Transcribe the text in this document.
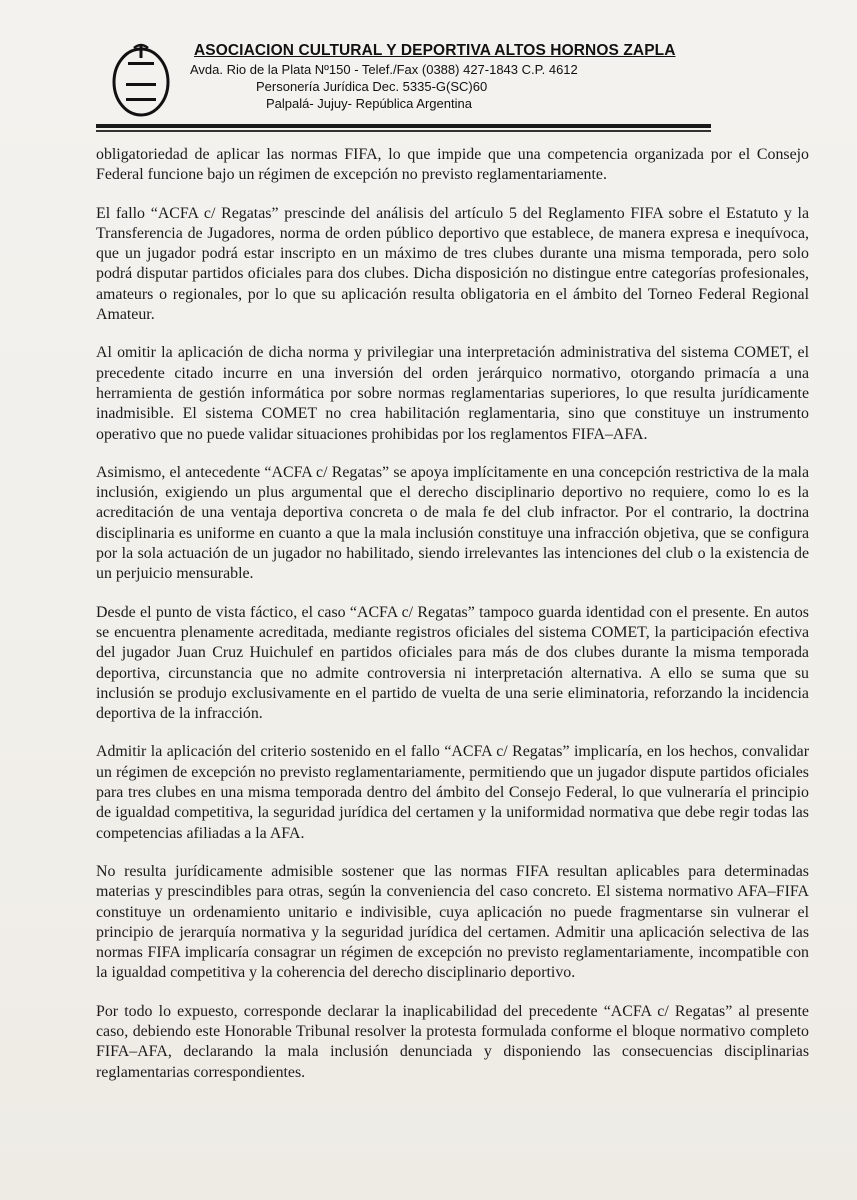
ASOCIACION CULTURAL Y DEPORTIVA ALTOS HORNOS ZAPLA
Avda. Rio de la Plata Nº150 - Telef./Fax (0388) 427-1843 C.P. 4612
Personería Jurídica Dec. 5335-G(SC)60
Palpalá- Jujuy- República Argentina

obligatoriedad de aplicar las normas FIFA, lo que impide que una competencia organizada por el Consejo Federal funcione bajo un régimen de excepción no previsto reglamentariamente.

El fallo “ACFA c/ Regatas” prescinde del análisis del artículo 5 del Reglamento FIFA sobre el Estatuto y la Transferencia de Jugadores, norma de orden público deportivo que establece, de manera expresa e inequívoca, que un jugador podrá estar inscripto en un máximo de tres clubes durante una misma temporada, pero solo podrá disputar partidos oficiales para dos clubes. Dicha disposición no distingue entre categorías profesionales, amateurs o regionales, por lo que su aplicación resulta obligatoria en el ámbito del Torneo Federal Regional Amateur.

Al omitir la aplicación de dicha norma y privilegiar una interpretación administrativa del sistema COMET, el precedente citado incurre en una inversión del orden jerárquico normativo, otorgando primacía a una herramienta de gestión informática por sobre normas reglamentarias superiores, lo que resulta jurídicamente inadmisible. El sistema COMET no crea habilitación reglamentaria, sino que constituye un instrumento operativo que no puede validar situaciones prohibidas por los reglamentos FIFA–AFA.

Asimismo, el antecedente “ACFA c/ Regatas” se apoya implícitamente en una concepción restrictiva de la mala inclusión, exigiendo un plus argumental que el derecho disciplinario deportivo no requiere, como lo es la acreditación de una ventaja deportiva concreta o de mala fe del club infractor. Por el contrario, la doctrina disciplinaria es uniforme en cuanto a que la mala inclusión constituye una infracción objetiva, que se configura por la sola actuación de un jugador no habilitado, siendo irrelevantes las intenciones del club o la existencia de un perjuicio mensurable.

Desde el punto de vista fáctico, el caso “ACFA c/ Regatas” tampoco guarda identidad con el presente. En autos se encuentra plenamente acreditada, mediante registros oficiales del sistema COMET, la participación efectiva del jugador Juan Cruz Huichulef en partidos oficiales para más de dos clubes durante la misma temporada deportiva, circunstancia que no admite controversia ni interpretación alternativa. A ello se suma que su inclusión se produjo exclusivamente en el partido de vuelta de una serie eliminatoria, reforzando la incidencia deportiva de la infracción.

Admitir la aplicación del criterio sostenido en el fallo “ACFA c/ Regatas” implicaría, en los hechos, convalidar un régimen de excepción no previsto reglamentariamente, permitiendo que un jugador dispute partidos oficiales para tres clubes en una misma temporada dentro del ámbito del Consejo Federal, lo que vulneraría el principio de igualdad competitiva, la seguridad jurídica del certamen y la uniformidad normativa que debe regir todas las competencias afiliadas a la AFA.

No resulta jurídicamente admisible sostener que las normas FIFA resultan aplicables para determinadas materias y prescindibles para otras, según la conveniencia del caso concreto. El sistema normativo AFA–FIFA constituye un ordenamiento unitario e indivisible, cuya aplicación no puede fragmentarse sin vulnerar el principio de jerarquía normativa y la seguridad jurídica del certamen. Admitir una aplicación selectiva de las normas FIFA implicaría consagrar un régimen de excepción no previsto reglamentariamente, incompatible con la igualdad competitiva y la coherencia del derecho disciplinario deportivo.

Por todo lo expuesto, corresponde declarar la inaplicabilidad del precedente “ACFA c/ Regatas” al presente caso, debiendo este Honorable Tribunal resolver la protesta formulada conforme el bloque normativo completo FIFA–AFA, declarando la mala inclusión denunciada y disponiendo las consecuencias disciplinarias reglamentarias correspondientes.
